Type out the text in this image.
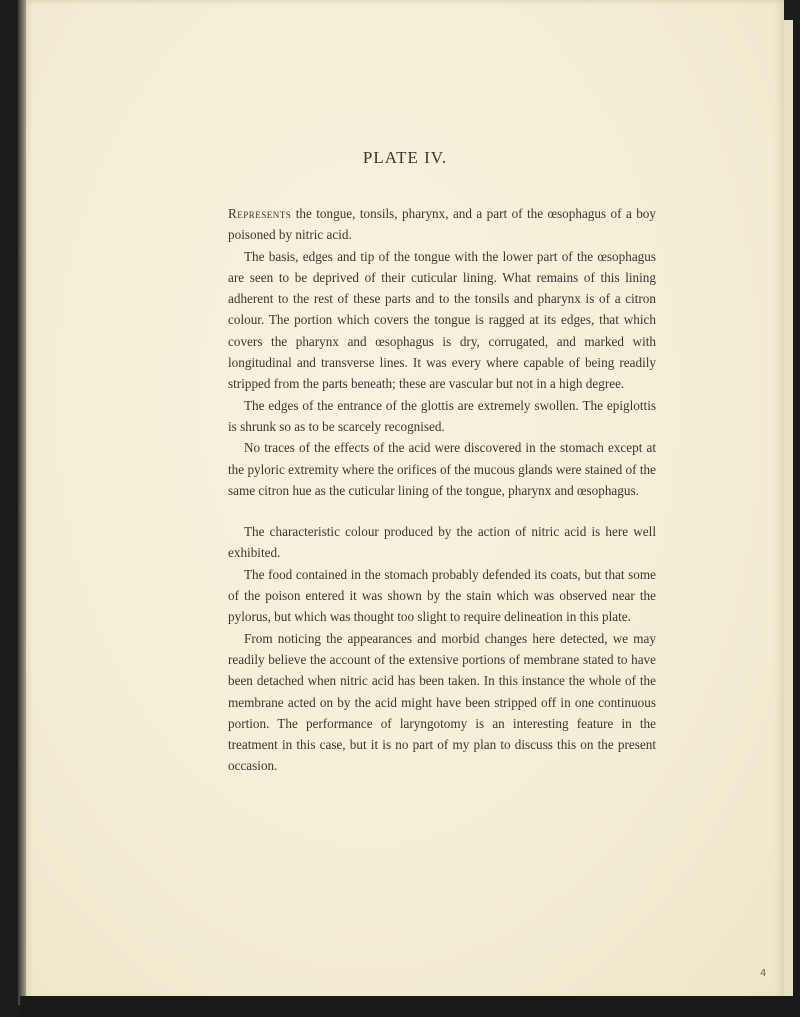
PLATE IV.

Represents the tongue, tonsils, pharynx, and a part of the œsophagus of a boy poisoned by nitric acid.

The basis, edges and tip of the tongue with the lower part of the œsophagus are seen to be deprived of their cuticular lining. What remains of this lining adherent to the rest of these parts and to the tonsils and pharynx is of a citron colour. The portion which covers the tongue is ragged at its edges, that which covers the pharynx and œsophagus is dry, corrugated, and marked with longitudinal and transverse lines. It was every where capable of being readily stripped from the parts beneath; these are vascular but not in a high degree.

The edges of the entrance of the glottis are extremely swollen. The epiglottis is shrunk so as to be scarcely recognised.

No traces of the effects of the acid were discovered in the stomach except at the pyloric extremity where the orifices of the mucous glands were stained of the same citron hue as the cuticular lining of the tongue, pharynx and œsophagus.

The characteristic colour produced by the action of nitric acid is here well exhibited.

The food contained in the stomach probably defended its coats, but that some of the poison entered it was shown by the stain which was observed near the pylorus, but which was thought too slight to require delineation in this plate.

From noticing the appearances and morbid changes here detected, we may readily believe the account of the extensive portions of membrane stated to have been detached when nitric acid has been taken. In this instance the whole of the membrane acted on by the acid might have been stripped off in one continuous portion. The performance of laryngotomy is an interesting feature in the treatment in this case, but it is no part of my plan to discuss this on the present occasion.

4
